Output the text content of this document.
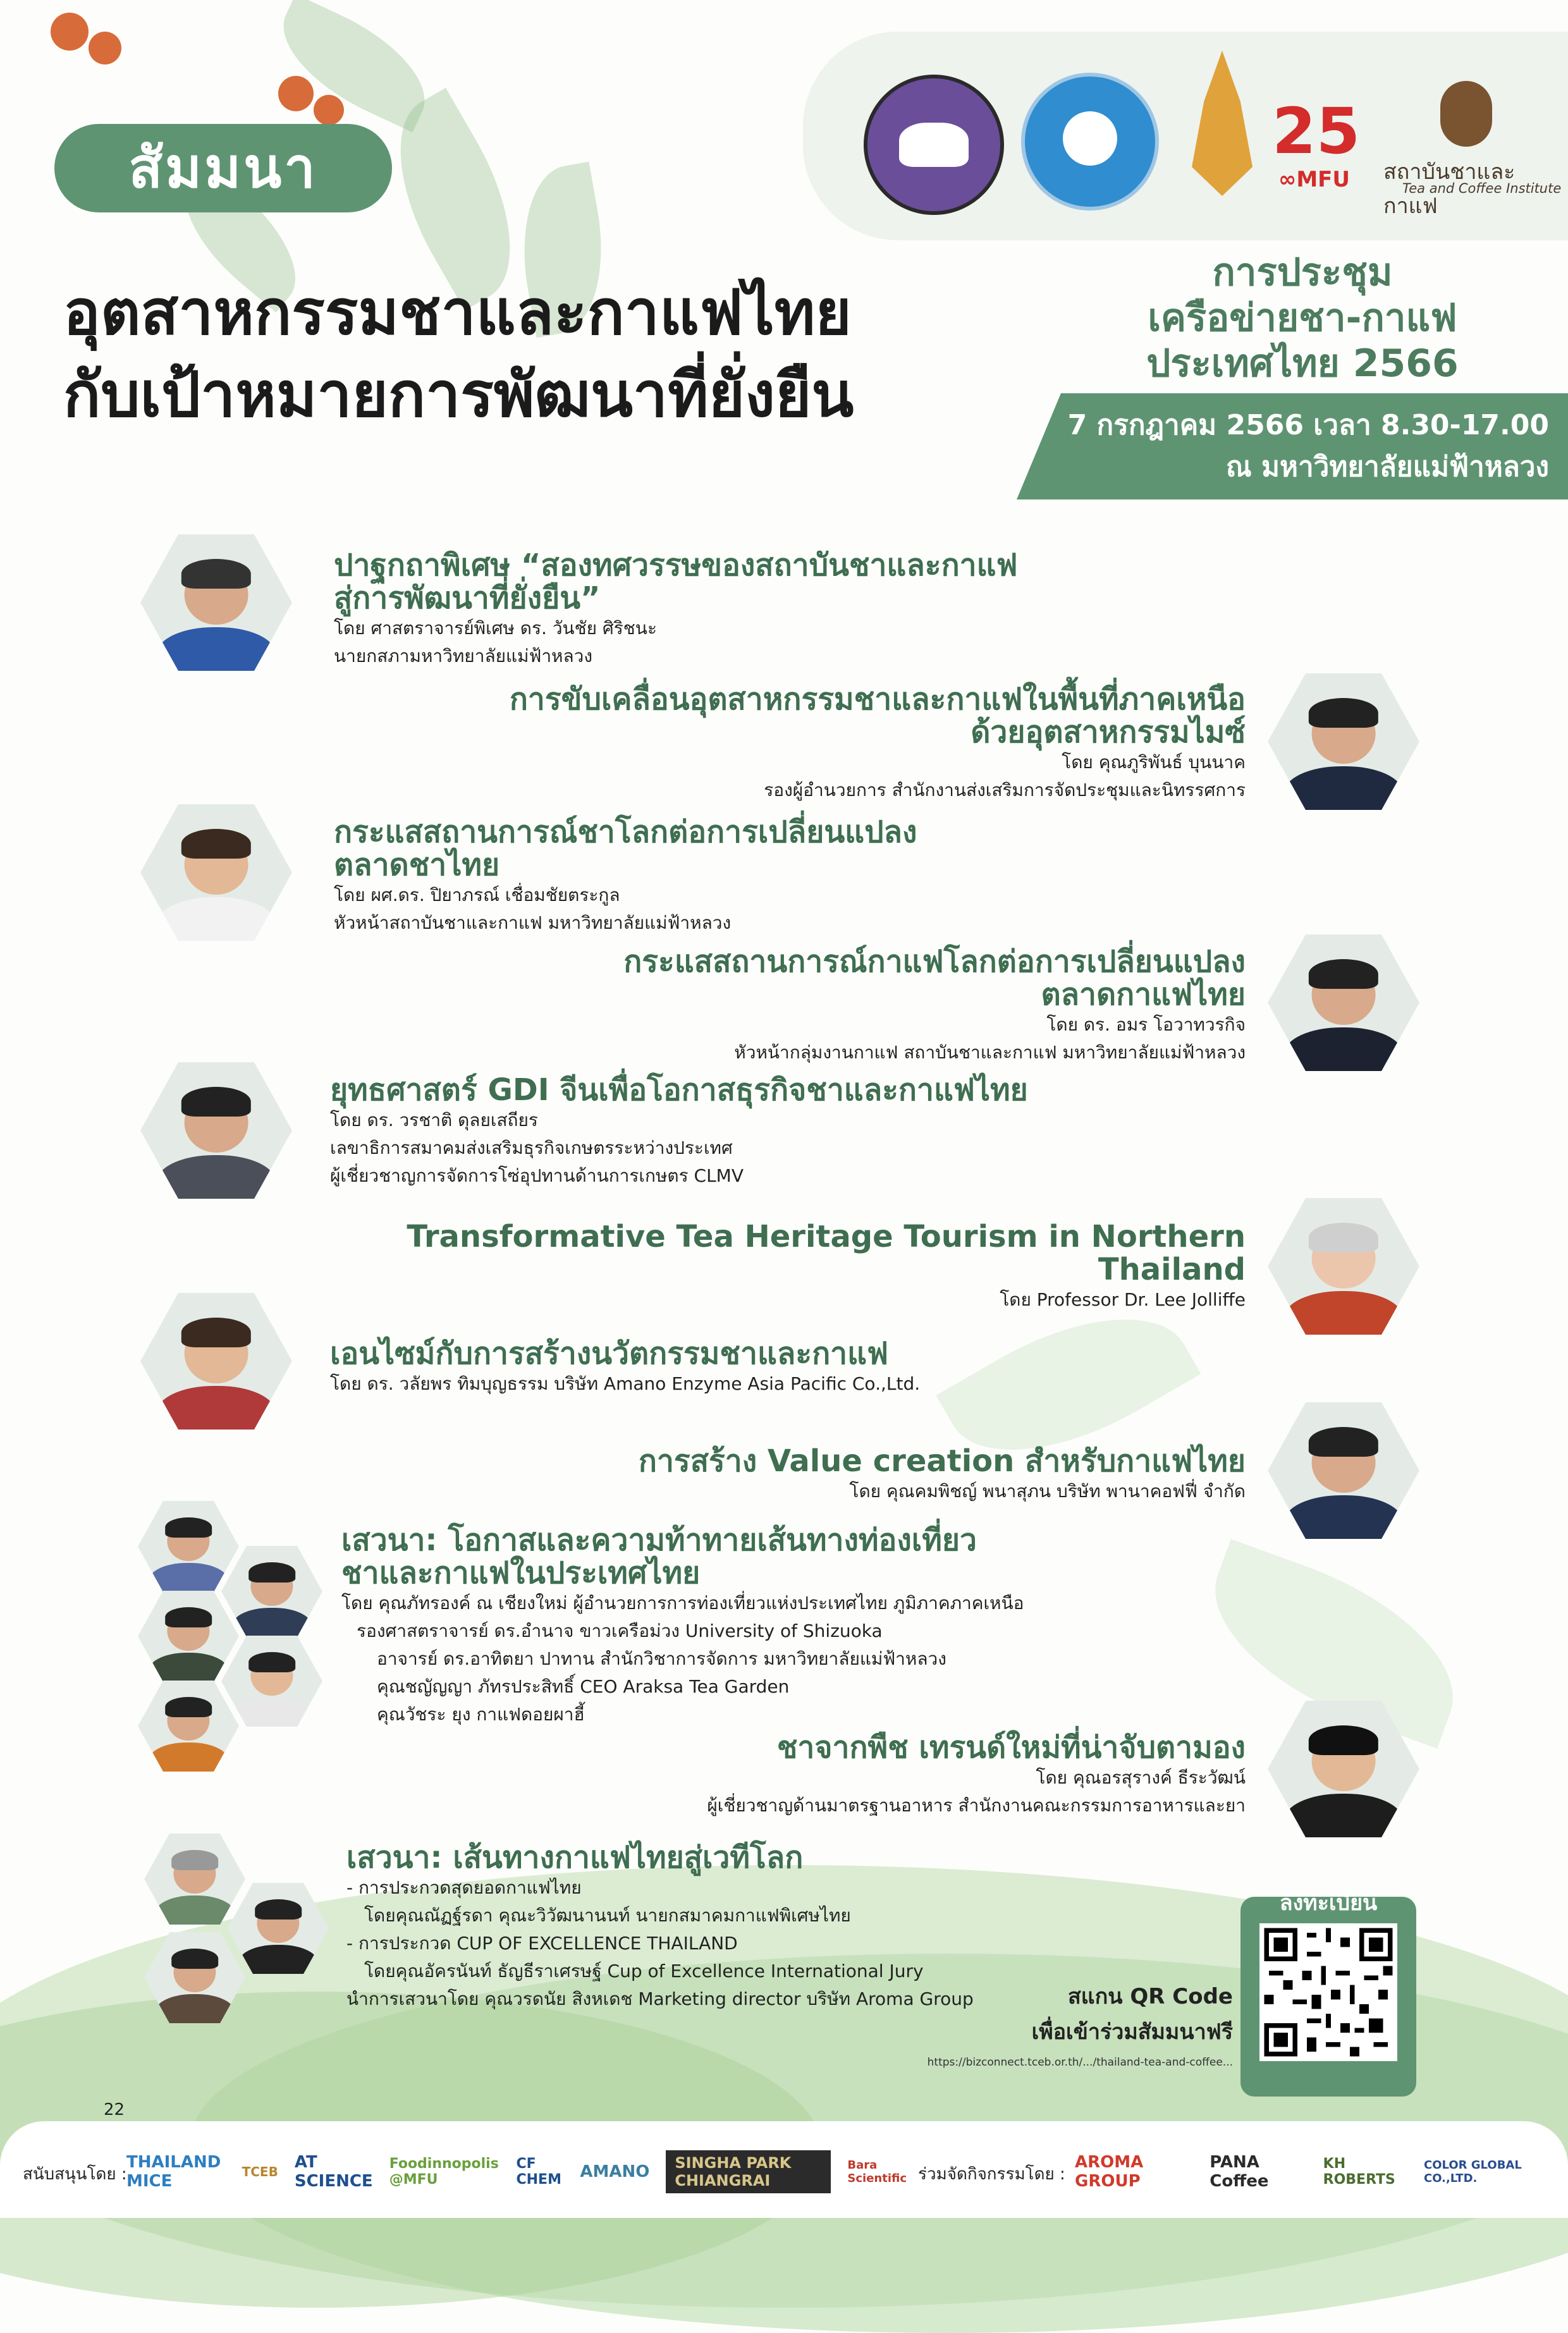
25
∞MFU สถาบันชาและกาแฟ
Tea and Coffee Institute
สัมมนา
อุตสาหกรรมชาและกาแฟไทย
กับเป้าหมายการพัฒนาที่ยั่งยืน
การประชุม
เครือข่ายชา-กาแฟ
ประเทศไทย 2566
7 กรกฎาคม 2566 เวลา 8.30-17.00
ณ มหาวิทยาลัยแม่ฟ้าหลวง
ปาฐกถาพิเศษ “สองทศวรรษของสถาบันชาและกาแฟ
สู่การพัฒนาที่ยั่งยืน”
โดย ศาสตราจารย์พิเศษ ดร. วันชัย ศิริชนะ
นายกสภามหาวิทยาลัยแม่ฟ้าหลวง
การขับเคลื่อนอุตสาหกรรมชาและกาแฟในพื้นที่ภาคเหนือ
ด้วยอุตสาหกรรมไมซ์
โดย คุณภูริพันธ์ บุนนาค
รองผู้อำนวยการ สำนักงานส่งเสริมการจัดประชุมและนิทรรศการ
กระแสสถานการณ์ชาโลกต่อการเปลี่ยนแปลง
ตลาดชาไทย
โดย ผศ.ดร. ปิยาภรณ์ เชื่อมชัยตระกูล
หัวหน้าสถาบันชาและกาแฟ มหาวิทยาลัยแม่ฟ้าหลวง
กระแสสถานการณ์กาแฟโลกต่อการเปลี่ยนแปลง
ตลาดกาแฟไทย
โดย ดร. อมร โอวาทวรกิจ
หัวหน้ากลุ่มงานกาแฟ สถาบันชาและกาแฟ มหาวิทยาลัยแม่ฟ้าหลวง
ยุทธศาสตร์ GDI จีนเพื่อโอกาสธุรกิจชาและกาแฟไทย
โดย ดร. วรชาติ ดุลยเสถียร
เลขาธิการสมาคมส่งเสริมธุรกิจเกษตรระหว่างประเทศ
ผู้เชี่ยวชาญการจัดการโซ่อุปทานด้านการเกษตร CLMV
Transformative Tea Heritage Tourism in Northern
Thailand
โดย Professor Dr. Lee Jolliffe
เอนไซม์กับการสร้างนวัตกรรมชาและกาแฟ
โดย ดร. วลัยพร ทิมบุญธรรม บริษัท Amano Enzyme Asia Pacific Co.,Ltd.
การสร้าง Value creation สำหรับกาแฟไทย
โดย คุณคมพิชญ์ พนาสุภน บริษัท พานาคอฟฟี่ จำกัด
เสวนา: โอกาสและความท้าทายเส้นทางท่องเที่ยว
ชาและกาแฟในประเทศไทย
โดย คุณภัทรองค์ ณ เชียงใหม่ ผู้อำนวยการการท่องเที่ยวแห่งประเทศไทย ภูมิภาคภาคเหนือ
รองศาสตราจารย์ ดร.อำนาจ ขาวเครือม่วง University of Shizuoka
อาจารย์ ดร.อาทิตยา ปาทาน สำนักวิชาการจัดการ มหาวิทยาลัยแม่ฟ้าหลวง
คุณชญัญญา ภัทรประสิทธิ์ CEO Araksa Tea Garden
คุณวัชระ ยุง กาแฟดอยผาฮี้
ชาจากพืช เทรนด์ใหม่ที่น่าจับตามอง
โดย คุณอรสุรางค์ ธีระวัฒน์
ผู้เชี่ยวชาญด้านมาตรฐานอาหาร สำนักงานคณะกรรมการอาหารและยา
เสวนา: เส้นทางกาแฟไทยสู่เวทีโลก
- การประกวดสุดยอดกาแฟไทย
โดยคุณณัฏฐ์รดา คุณะวิวัฒนานนท์ นายกสมาคมกาแฟพิเศษไทย
- การประกวด CUP OF EXCELLENCE THAILAND
โดยคุณอัครนันท์ ธัญธีราเศรษฐ์ Cup of Excellence International Jury
นำการเสวนาโดย คุณวรดนัย สิงหเดช Marketing director บริษัท Aroma Group
ลงทะเบียน
สแกน QR Code
เพื่อเข้าร่วมสัมมนาฟรี
https://bizconnect.tceb.or.th/.../thailand-tea-and-coffee...
22
สนับสนุนโดย :
THAILAND MICE	TCEB AT SCIENCE
Foodinnopolis @MFU
CF CHEM AMANO	SINGHA PARK CHIANGRAI
Bara Scientific ร่วมจัดกิจกรรมโดย :
AROMA GROUP
PANA Coffee
KH ROBERTS
COLOR GLOBAL CO.,LTD.
